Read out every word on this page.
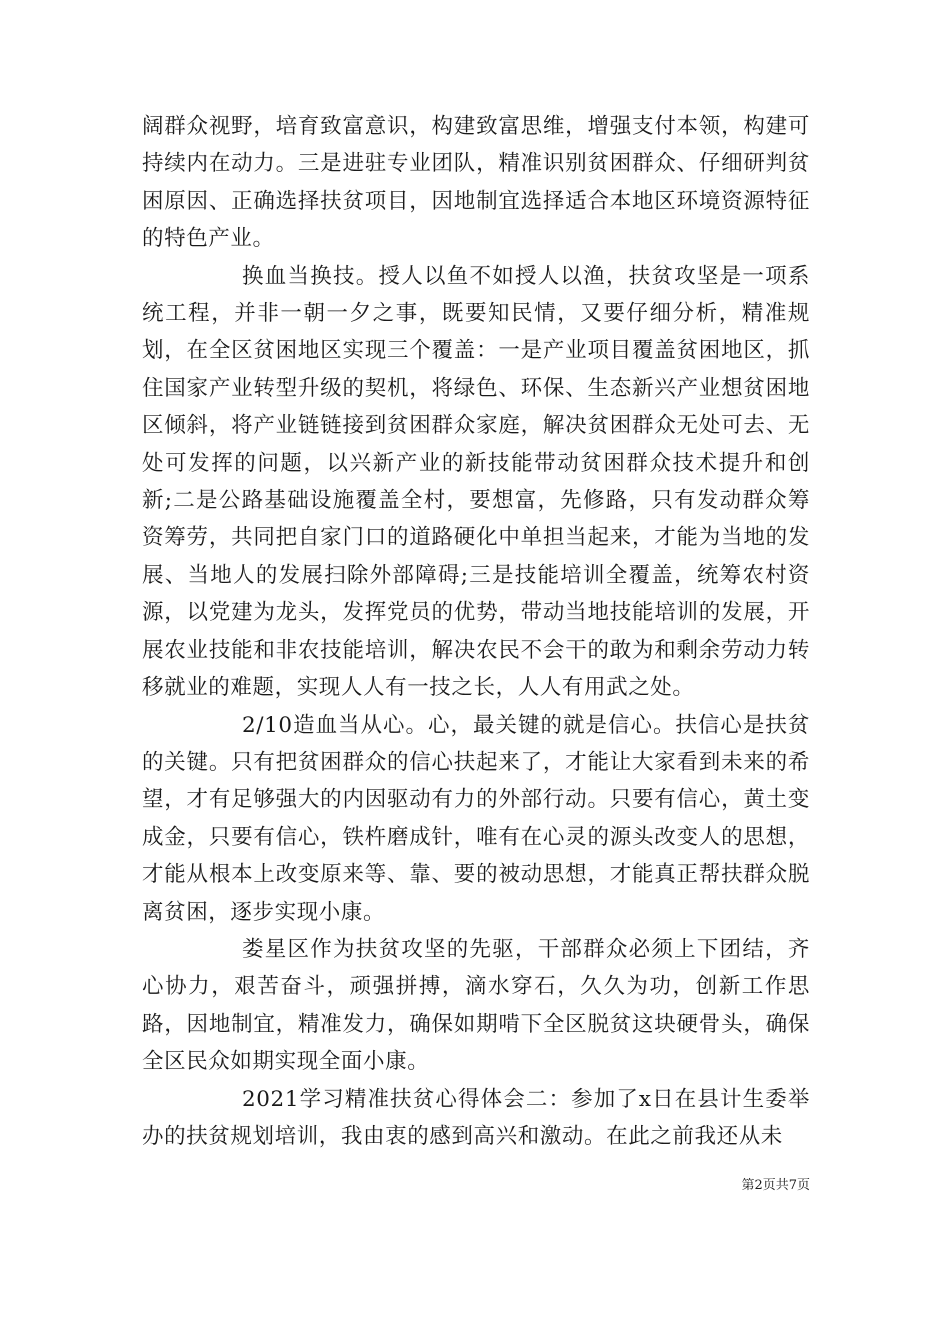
阔群众视野，培育致富意识，构建致富思维，增强支付本领，构建可持续内在动力。三是进驻专业团队，精准识别贫困群众、仔细研判贫困原因、正确选择扶贫项目，因地制宜选择适合本地区环境资源特征的特色产业。

换血当换技。授人以鱼不如授人以渔，扶贫攻坚是一项系统工程，并非一朝一夕之事，既要知民情，又要仔细分析，精准规划，在全区贫困地区实现三个覆盖：一是产业项目覆盖贫困地区，抓住国家产业转型升级的契机，将绿色、环保、生态新兴产业想贫困地区倾斜，将产业链链接到贫困群众家庭，解决贫困群众无处可去、无处可发挥的问题，以兴新产业的新技能带动贫困群众技术提升和创新;二是公路基础设施覆盖全村，要想富，先修路，只有发动群众筹资筹劳，共同把自家门口的道路硬化中单担当起来，才能为当地的发展、当地人的发展扫除外部障碍;三是技能培训全覆盖，统筹农村资源，以党建为龙头，发挥党员的优势，带动当地技能培训的发展，开展农业技能和非农技能培训，解决农民不会干的敢为和剩余劳动力转移就业的难题，实现人人有一技之长，人人有用武之处。

2/10造血当从心。心，最关键的就是信心。扶信心是扶贫的关键。只有把贫困群众的信心扶起来了，才能让大家看到未来的希望，才有足够强大的内因驱动有力的外部行动。只要有信心，黄土变成金，只要有信心，铁杵磨成针，唯有在心灵的源头改变人的思想，才能从根本上改变原来等、靠、要的被动思想，才能真正帮扶群众脱离贫困，逐步实现小康。

娄星区作为扶贫攻坚的先驱，干部群众必须上下团结，齐心协力，艰苦奋斗，顽强拼搏，滴水穿石，久久为功，创新工作思路，因地制宜，精准发力，确保如期啃下全区脱贫这块硬骨头，确保全区民众如期实现全面小康。

2021学习精准扶贫心得体会二：参加了x日在县计生委举办的扶贫规划培训，我由衷的感到高兴和激动。在此之前我还从未

第2页共7页
